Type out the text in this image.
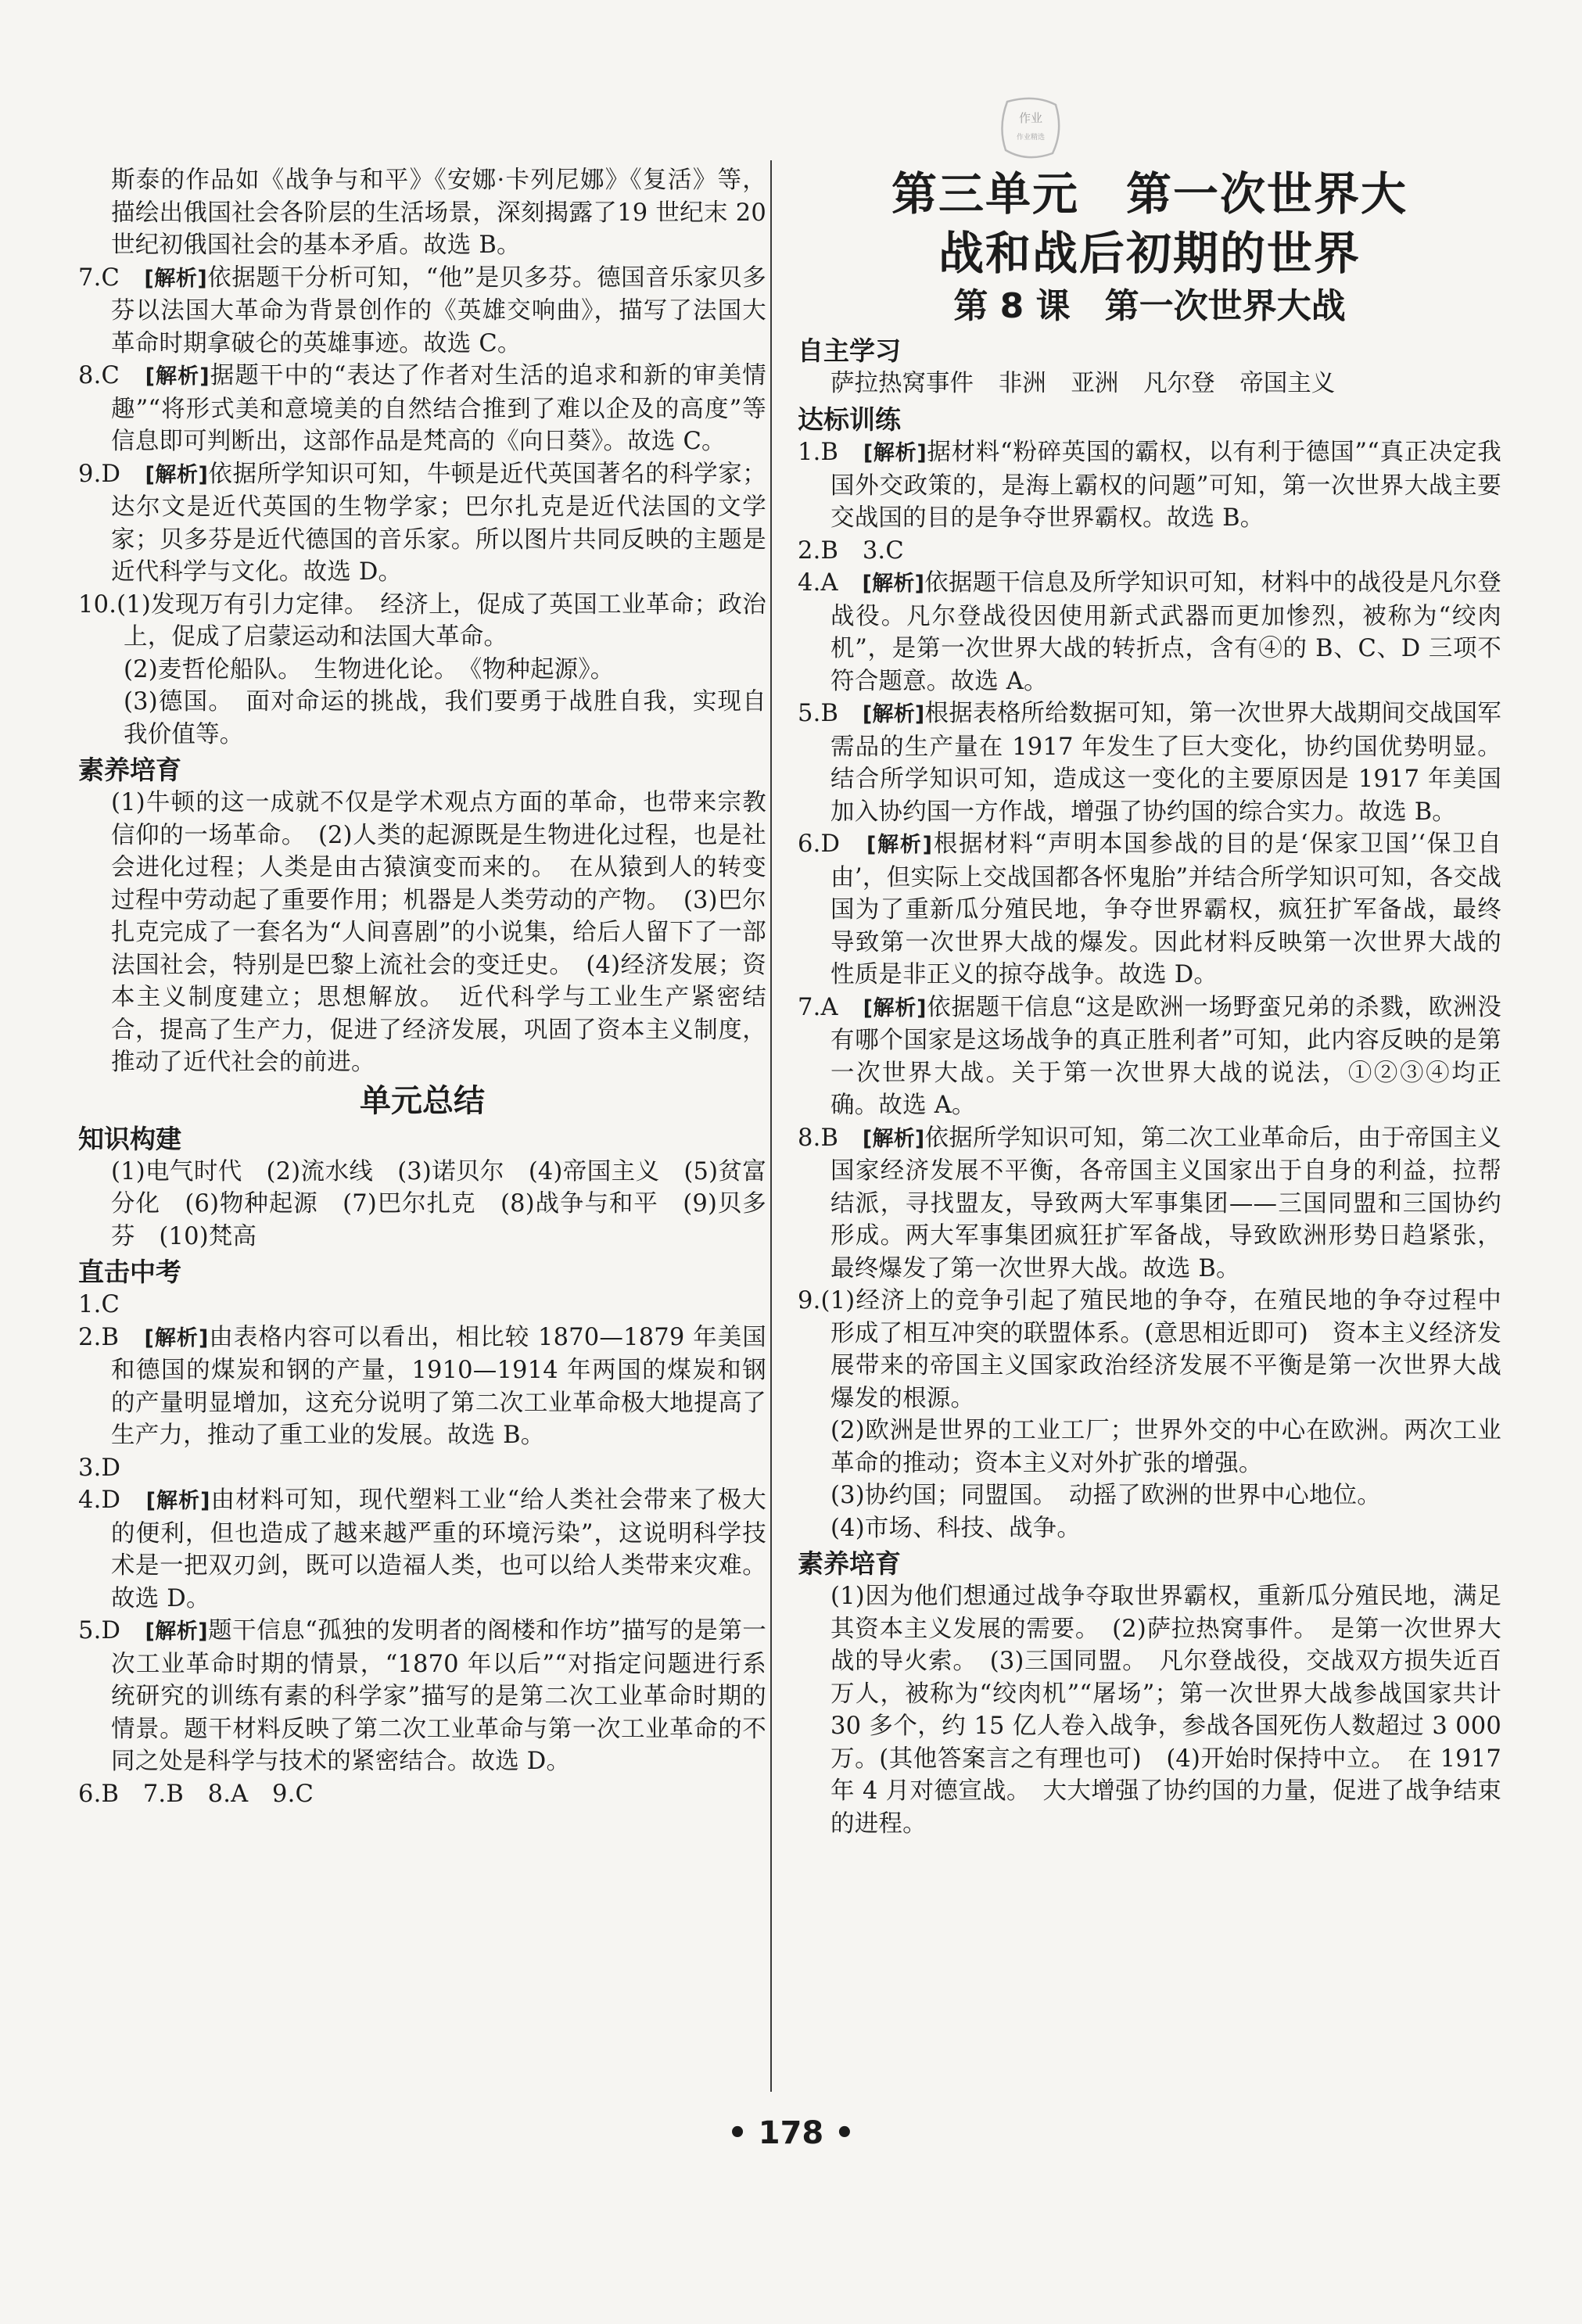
作业
作业精选

斯泰的作品如《战争与和平》《安娜·卡列尼娜》《复活》等，描绘出俄国社会各阶层的生活场景，深刻揭露了19 世纪末 20 世纪初俄国社会的基本矛盾。故选 B。

7.C　 [解析]依据题干分析可知，“他”是贝多芬。德国音乐家贝多芬以法国大革命为背景创作的《英雄交响曲》，描写了法国大革命时期拿破仑的英雄事迹。故选 C。

8.C　 [解析]据题干中的“表达了作者对生活的追求和新的审美情趣”“将形式美和意境美的自然结合推到了难以企及的高度”等信息即可判断出，这部作品是梵高的《向日葵》。故选 C。

9.D　 [解析]依据所学知识可知，牛顿是近代英国著名的科学家；达尔文是近代英国的生物学家；巴尔扎克是近代法国的文学家；贝多芬是近代德国的音乐家。所以图片共同反映的主题是近代科学与文化。故选 D。

10.(1)发现万有引力定律。　经济上，促成了英国工业革命；政治上，促成了启蒙运动和法国大革命。

(2)麦哲伦船队。　生物进化论。　《物种起源》。

(3)德国。　面对命运的挑战，我们要勇于战胜自我，实现自我价值等。

素养培育

(1)牛顿的这一成就不仅是学术观点方面的革命，也带来宗教信仰的一场革命。　(2)人类的起源既是生物进化过程，也是社会进化过程；人类是由古猿演变而来的。　在从猿到人的转变过程中劳动起了重要作用；机器是人类劳动的产物。　(3)巴尔扎克完成了一套名为“人间喜剧”的小说集，给后人留下了一部法国社会，特别是巴黎上流社会的变迁史。　(4)经济发展；资本主义制度建立；思想解放。　近代科学与工业生产紧密结合，提高了生产力，促进了经济发展，巩固了资本主义制度，推动了近代社会的前进。

单元总结

知识构建

(1)电气时代　(2)流水线　(3)诺贝尔　(4)帝国主义　(5)贫富分化　(6)物种起源　(7)巴尔扎克　(8)战争与和平　(9)贝多芬　(10)梵高

直击中考

1.C

2.B　 [解析]由表格内容可以看出，相比较 1870—1879 年美国和德国的煤炭和钢的产量，1910—1914 年两国的煤炭和钢的产量明显增加，这充分说明了第二次工业革命极大地提高了生产力，推动了重工业的发展。故选 B。

3.D

4.D　 [解析]由材料可知，现代塑料工业“给人类社会带来了极大的便利，但也造成了越来越严重的环境污染”，这说明科学技术是一把双刃剑，既可以造福人类，也可以给人类带来灾难。故选 D。

5.D　 [解析]题干信息“孤独的发明者的阁楼和作坊”描写的是第一次工业革命时期的情景，“1870 年以后”“对指定问题进行系统研究的训练有素的科学家”描写的是第二次工业革命时期的情景。题干材料反映了第二次工业革命与第一次工业革命的不同之处是科学与技术的紧密结合。故选 D。

6.B　7.B　8.A　9.C

第三单元　第一次世界大

战和战后初期的世界

第 8 课　第一次世界大战

自主学习

萨拉热窝事件 非洲 亚洲 凡尔登 帝国主义

达标训练

1.B　 [解析]据材料“粉碎英国的霸权，以有利于德国”“真正决定我国外交政策的，是海上霸权的问题”可知，第一次世界大战主要交战国的目的是争夺世界霸权。故选 B。

2.B　3.C

4.A　 [解析]依据题干信息及所学知识可知，材料中的战役是凡尔登战役。凡尔登战役因使用新式武器而更加惨烈，被称为“绞肉机”，是第一次世界大战的转折点，含有④的 B、C、D 三项不符合题意。故选 A。

5.B　 [解析]根据表格所给数据可知，第一次世界大战期间交战国军需品的生产量在 1917 年发生了巨大变化，协约国优势明显。结合所学知识可知，造成这一变化的主要原因是 1917 年美国加入协约国一方作战，增强了协约国的综合实力。故选 B。

6.D　 [解析]根据材料“声明本国参战的目的是‘保家卫国’‘保卫自由’，但实际上交战国都各怀鬼胎”并结合所学知识可知，各交战国为了重新瓜分殖民地，争夺世界霸权，疯狂扩军备战，最终导致第一次世界大战的爆发。因此材料反映第一次世界大战的性质是非正义的掠夺战争。故选 D。

7.A　 [解析]依据题干信息“这是欧洲一场野蛮兄弟的杀戮，欧洲没有哪个国家是这场战争的真正胜利者”可知，此内容反映的是第一次世界大战。关于第一次世界大战的说法，①②③④均正确。故选 A。

8.B　 [解析]依据所学知识可知，第二次工业革命后，由于帝国主义国家经济发展不平衡，各帝国主义国家出于自身的利益，拉帮结派，寻找盟友，导致两大军事集团——三国同盟和三国协约形成。两大军事集团疯狂扩军备战，导致欧洲形势日趋紧张，最终爆发了第一次世界大战。故选 B。

9.(1)经济上的竞争引起了殖民地的争夺，在殖民地的争夺过程中形成了相互冲突的联盟体系。(意思相近即可)　资本主义经济发展带来的帝国主义国家政治经济发展不平衡是第一次世界大战爆发的根源。

(2)欧洲是世界的工业工厂；世界外交的中心在欧洲。两次工业革命的推动；资本主义对外扩张的增强。

(3)协约国；同盟国。　动摇了欧洲的世界中心地位。

(4)市场、科技、战争。

素养培育

(1)因为他们想通过战争夺取世界霸权，重新瓜分殖民地，满足其资本主义发展的需要。　(2)萨拉热窝事件。　是第一次世界大战的导火索。　(3)三国同盟。　凡尔登战役，交战双方损失近百万人，被称为“绞肉机”“屠场”；第一次世界大战参战国家共计 30 多个，约 15 亿人卷入战争，参战各国死伤人数超过 3 000 万。(其他答案言之有理也可)　(4)开始时保持中立。　在 1917 年 4 月对德宣战。　大大增强了协约国的力量，促进了战争结束的进程。

• 178 •
